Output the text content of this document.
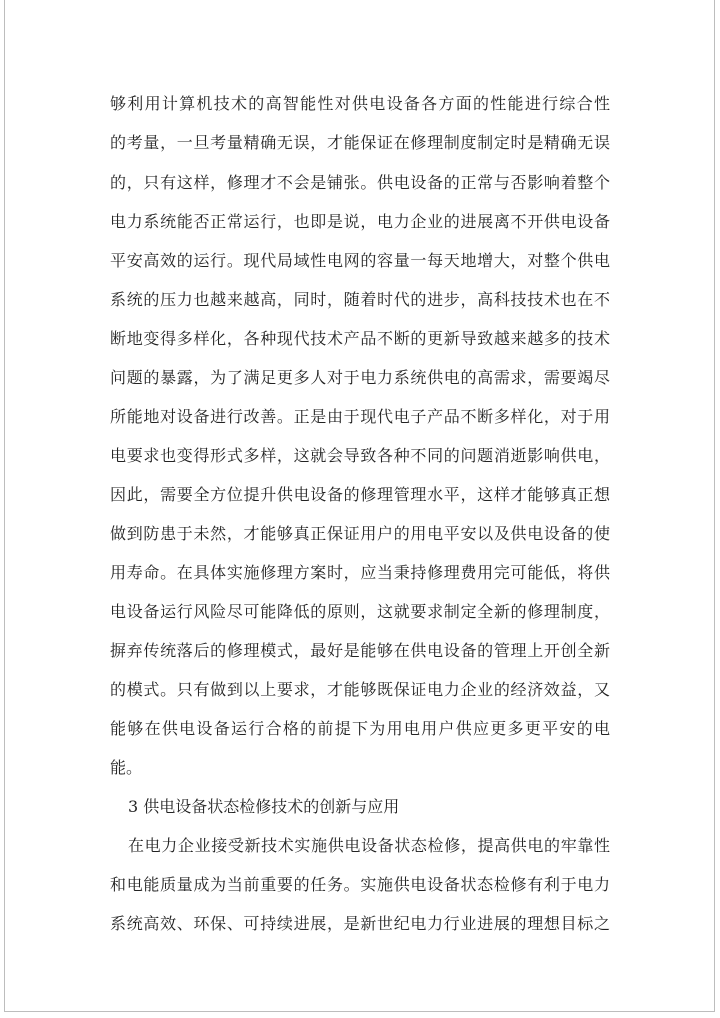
够利用计算机技术的高智能性对供电设备各方面的性能进行综合性
的考量，一旦考量精确无误，才能保证在修理制度制定时是精确无误
的，只有这样，修理才不会是铺张。供电设备的正常与否影响着整个
电力系统能否正常运行，也即是说，电力企业的进展离不开供电设备
平安高效的运行。现代局域性电网的容量一每天地增大，对整个供电
系统的压力也越来越高，同时，随着时代的进步，高科技技术也在不
断地变得多样化，各种现代技术产品不断的更新导致越来越多的技术
问题的暴露，为了满足更多人对于电力系统供电的高需求，需要竭尽
所能地对设备进行改善。正是由于现代电子产品不断多样化，对于用
电要求也变得形式多样，这就会导致各种不同的问题消逝影响供电，
因此，需要全方位提升供电设备的修理管理水平，这样才能够真正想
做到防患于未然，才能够真正保证用户的用电平安以及供电设备的使
用寿命。在具体实施修理方案时，应当秉持修理费用完可能低，将供
电设备运行风险尽可能降低的原则，这就要求制定全新的修理制度，
摒弃传统落后的修理模式，最好是能够在供电设备的管理上开创全新
的模式。只有做到以上要求，才能够既保证电力企业的经济效益，又
能够在供电设备运行合格的前提下为用电用户供应更多更平安的电
能。
3 供电设备状态检修技术的创新与应用
在电力企业接受新技术实施供电设备状态检修，提高供电的牢靠性
和电能质量成为当前重要的任务。实施供电设备状态检修有利于电力
系统高效、环保、可持续进展，是新世纪电力行业进展的理想目标之
